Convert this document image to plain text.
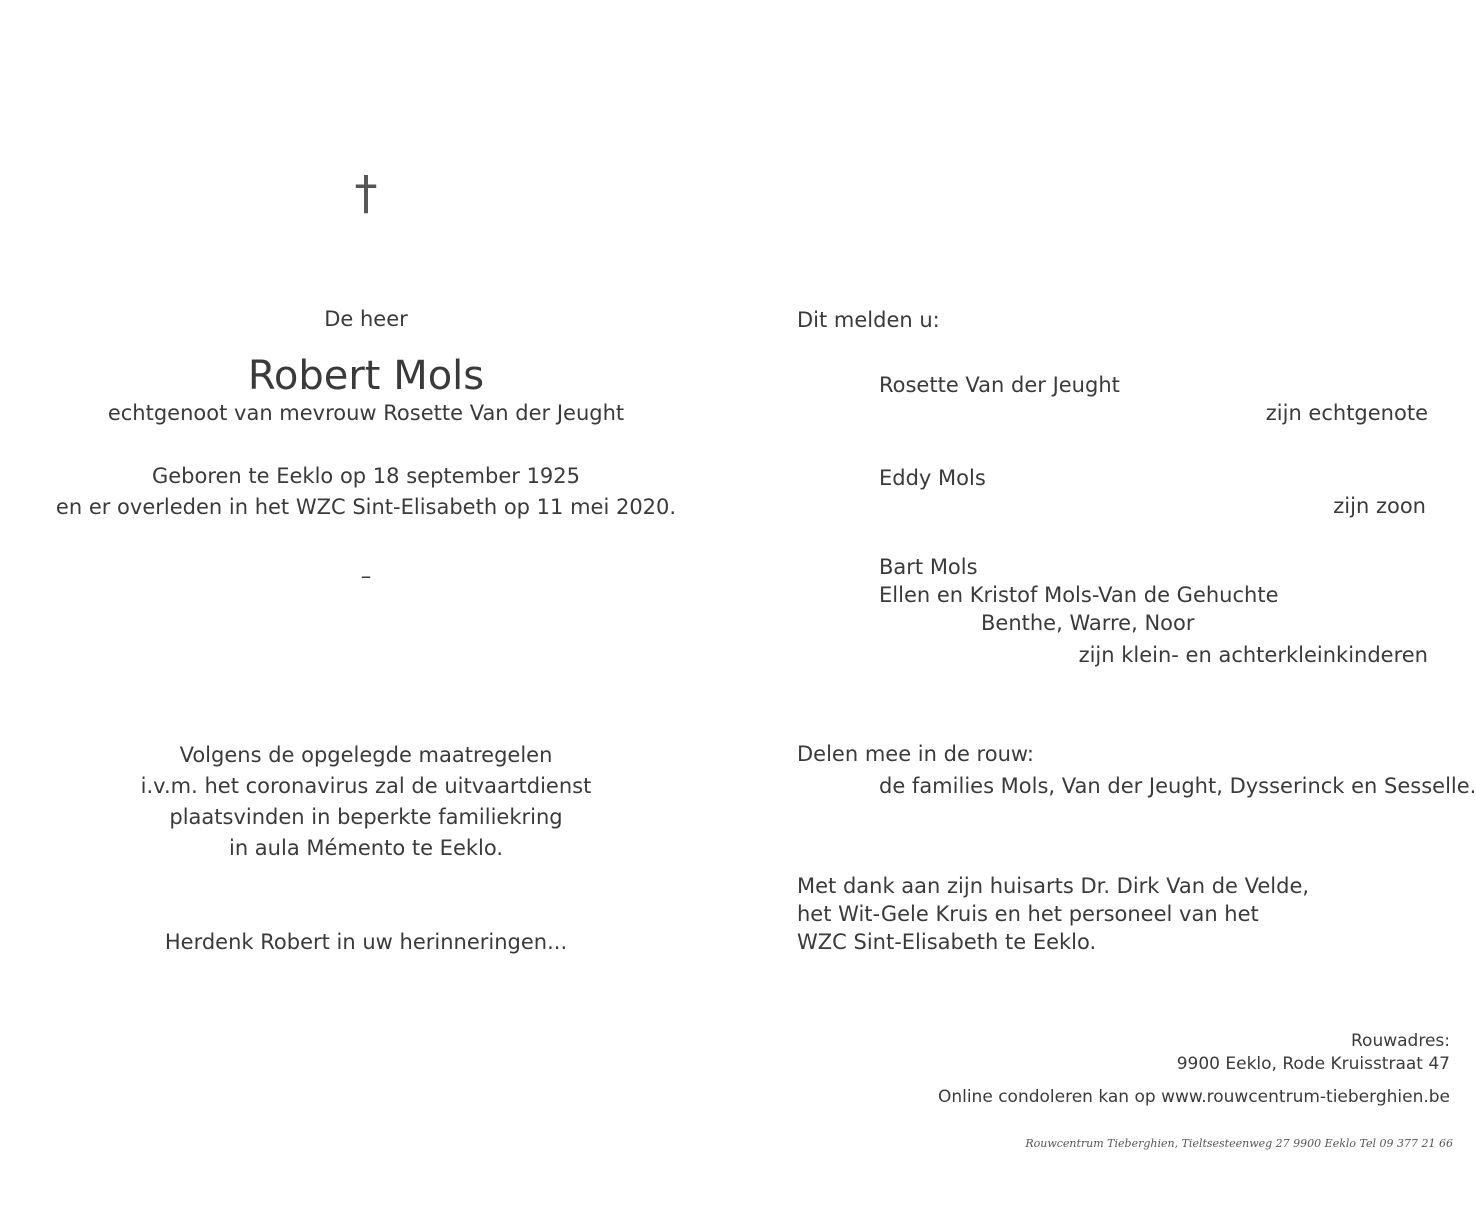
†
De heer
Robert Mols
echtgenoot van mevrouw Rosette Van der Jeught
Geboren te Eeklo op 18 september 1925
en er overleden in het WZC Sint-Elisabeth op 11 mei 2020.
–
Volgens de opgelegde maatregelen
i.v.m. het coronavirus zal de uitvaartdienst
plaatsvinden in beperkte familiekring
in aula Mémento te Eeklo.
Herdenk Robert in uw herinneringen...
Dit melden u:
Rosette Van der Jeught
zijn echtgenote
Eddy Mols
zijn zoon
Bart Mols
Ellen en Kristof Mols-Van de Gehuchte
Benthe, Warre, Noor
zijn klein- en achterkleinkinderen
Delen mee in de rouw:
de families Mols, Van der Jeught, Dysserinck en Sesselle.
Met dank aan zijn huisarts Dr. Dirk Van de Velde,
het Wit-Gele Kruis en het personeel van het
WZC Sint-Elisabeth te Eeklo.
Rouwadres:
9900 Eeklo, Rode Kruisstraat 47
Online condoleren kan op www.rouwcentrum-tieberghien.be
Rouwcentrum Tieberghien, Tieltsesteenweg 27 9900 Eeklo Tel 09 377 21 66
